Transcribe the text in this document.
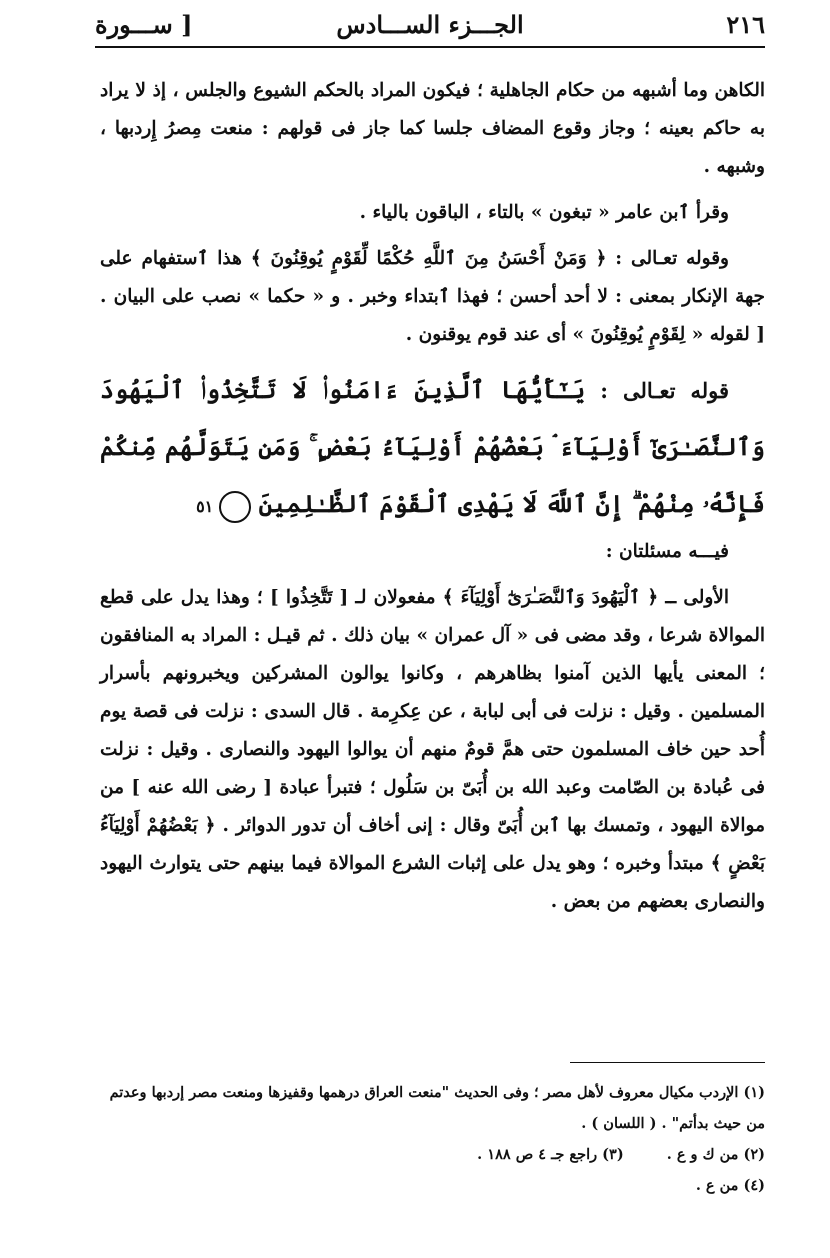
٢١٦
الجـــزء الســـادس
[ ســـورة

الكاهن وما أشبهه من حكام الجاهلية ؛ فيكون المراد بالحكم الشيوع والجلس ، إذ لا يراد به حاكم بعينه ؛ وجاز وقوع المضاف جلسا كما جاز فى قولهم : منعت مِصرُ إِردبها ، وشبهه .

وقرأ ٱبن عامر « تبغون » بالتاء ، الباقون بالياء .

وقوله تعـالى : ﴿ وَمَنْ أَحْسَنُ مِنَ ٱللَّهِ حُكْمًا لِّقَوْمٍ يُوقِنُونَ ﴾ هذا ٱستفهام على جهة الإنكار بمعنى : لا أحد أحسن ؛ فهذا ٱبتداء وخبر . و « حكما » نصب على البيان . [ لقوله « لِقَوْمٍ يُوقِنُونَ » أى عند قوم يوقنون .

قوله تعـالى : يَـٰٓأَيُّهَا ٱلَّذِينَ ءَامَنُوا۟ لَا تَتَّخِذُوا۟ ٱلْيَهُودَ وَٱلنَّصَـٰرَىٰٓ أَوْلِيَآءَ ۘ بَعْضُهُمْ أَوْلِيَآءُ بَعْضٍ ۚ وَمَن يَتَوَلَّهُم مِّنكُمْ فَإِنَّهُۥ مِنْهُمْ ۗ إِنَّ ٱللَّهَ لَا يَهْدِى ٱلْقَوْمَ ٱلظَّـٰلِمِينَ ٥١

فيـــه مسئلتان :

الأولى ــ ﴿ ٱلْيَهُودَ وَٱلنَّصَـٰرَىٰٓ أَوْلِيَآءَ ﴾ مفعولان لـ [ تَتَّخِذُوا ] ؛ وهذا يدل على قطع الموالاة شرعا ، وقد مضى فى « آل عمران » بيان ذلك . ثم قيـل : المراد به المنافقون ؛ المعنى يأيها الذين آمنوا بظاهرهم ، وكانوا يوالون المشركين ويخبرونهم بأسرار المسلمين . وقيل : نزلت فى أبى لبابة ، عن عِكرِمة . قال السدى : نزلت فى قصة يوم أُحد حين خاف المسلمون حتى همَّ قومٌ منهم أن يوالوا اليهود والنصارى . وقيل : نزلت فى عُبادة بن الصّامت وعبد الله بن أُبَىّ بن سَلُول ؛ فتبرأ عبادة [ رضى الله عنه ] من موالاة اليهود ، وتمسك بها ٱبن أُبَىّ وقال : إنى أخاف أن تدور الدوائر . ﴿ بَعْضُهُمْ أَوْلِيَآءُ بَعْضٍ ﴾ مبتدأ وخبره ؛ وهو يدل على إثبات الشرع الموالاة فيما بينهم حتى يتوارث اليهود والنصارى بعضهم من بعض .

(١) الإردب مكيال معروف لأهل مصر ؛ وفى الحديث "منعت العراق درهمها وقفيزها ومنعت مصر إردبها وعدتم من حيث بدأتم" . ( اللسان ) .
(٢) من ك و ع . (٣) راجع جـ ٤ ص ١٨٨ .
(٤) من ع .
